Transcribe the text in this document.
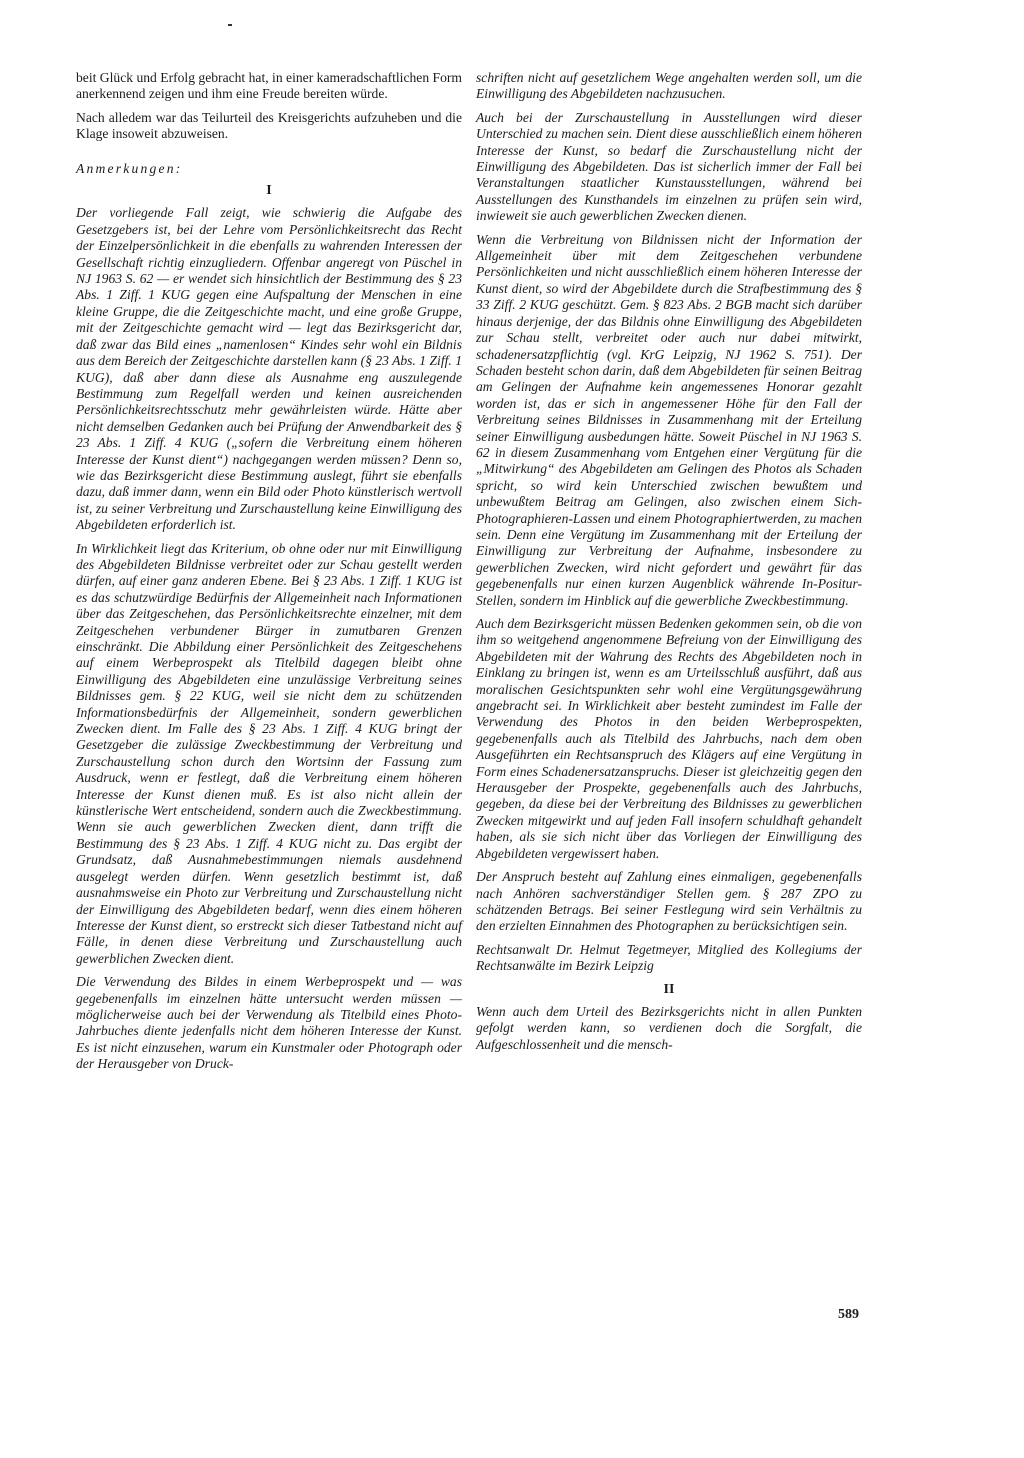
beit Glück und Erfolg gebracht hat, in einer kameradschaftlichen Form anerkennend zeigen und ihm eine Freude bereiten würde.

Nach alledem war das Teilurteil des Kreisgerichts aufzuheben und die Klage insoweit abzuweisen.

Anmerkungen:
I

Der vorliegende Fall zeigt, wie schwierig die Aufgabe des Gesetzgebers ist, bei der Lehre vom Persönlichkeitsrecht das Recht der Einzelpersönlichkeit in die ebenfalls zu wahrenden Interessen der Gesellschaft richtig einzugliedern. Offenbar angeregt von Püschel in NJ 1963 S. 62 — er wendet sich hinsichtlich der Bestimmung des § 23 Abs. 1 Ziff. 1 KUG gegen eine Aufspaltung der Menschen in eine kleine Gruppe, die die Zeitgeschichte macht, und eine große Gruppe, mit der Zeitgeschichte gemacht wird — legt das Bezirksgericht dar, daß zwar das Bild eines „namenlosen“ Kindes sehr wohl ein Bildnis aus dem Bereich der Zeitgeschichte darstellen kann (§ 23 Abs. 1 Ziff. 1 KUG), daß aber dann diese als Ausnahme eng auszulegende Bestimmung zum Regelfall werden und keinen ausreichenden Persönlichkeitsrechtsschutz mehr gewährleisten würde. Hätte aber nicht demselben Gedanken auch bei Prüfung der Anwendbarkeit des § 23 Abs. 1 Ziff. 4 KUG („sofern die Verbreitung einem höheren Interesse der Kunst dient“) nachgegangen werden müssen? Denn so, wie das Bezirksgericht diese Bestimmung auslegt, führt sie ebenfalls dazu, daß immer dann, wenn ein Bild oder Photo künstlerisch wertvoll ist, zu seiner Verbreitung und Zurschaustellung keine Einwilligung des Abgebildeten erforderlich ist.

In Wirklichkeit liegt das Kriterium, ob ohne oder nur mit Einwilligung des Abgebildeten Bildnisse verbreitet oder zur Schau gestellt werden dürfen, auf einer ganz anderen Ebene. Bei § 23 Abs. 1 Ziff. 1 KUG ist es das schutzwürdige Bedürfnis der Allgemeinheit nach Informationen über das Zeitgeschehen, das Persönlichkeitsrechte einzelner, mit dem Zeitgeschehen verbundener Bürger in zumutbaren Grenzen einschränkt. Die Abbildung einer Persönlichkeit des Zeitgeschehens auf einem Werbeprospekt als Titelbild dagegen bleibt ohne Einwilligung des Abgebildeten eine unzulässige Verbreitung seines Bildnisses gem. § 22 KUG, weil sie nicht dem zu schützenden Informationsbedürfnis der Allgemeinheit, sondern gewerblichen Zwecken dient. Im Falle des § 23 Abs. 1 Ziff. 4 KUG bringt der Gesetzgeber die zulässige Zweckbestimmung der Verbreitung und Zurschaustellung schon durch den Wortsinn der Fassung zum Ausdruck, wenn er festlegt, daß die Verbreitung einem höheren Interesse der Kunst dienen muß. Es ist also nicht allein der künstlerische Wert entscheidend, sondern auch die Zweckbestimmung. Wenn sie auch gewerblichen Zwecken dient, dann trifft die Bestimmung des § 23 Abs. 1 Ziff. 4 KUG nicht zu. Das ergibt der Grundsatz, daß Ausnahmebestimmungen niemals ausdehnend ausgelegt werden dürfen. Wenn gesetzlich bestimmt ist, daß ausnahmsweise ein Photo zur Verbreitung und Zurschaustellung nicht der Einwilligung des Abgebildeten bedarf, wenn dies einem höheren Interesse der Kunst dient, so erstreckt sich dieser Tatbestand nicht auf Fälle, in denen diese Verbreitung und Zurschaustellung auch gewerblichen Zwecken dient.

Die Verwendung des Bildes in einem Werbeprospekt und — was gegebenenfalls im einzelnen hätte untersucht werden müssen — möglicherweise auch bei der Verwendung als Titelbild eines Photo-Jahrbuches diente jedenfalls nicht dem höheren Interesse der Kunst. Es ist nicht einzusehen, warum ein Kunstmaler oder Photograph oder der Herausgeber von Druck-

schriften nicht auf gesetzlichem Wege angehalten werden soll, um die Einwilligung des Abgebildeten nachzusuchen.

Auch bei der Zurschaustellung in Ausstellungen wird dieser Unterschied zu machen sein. Dient diese ausschließlich einem höheren Interesse der Kunst, so bedarf die Zurschaustellung nicht der Einwilligung des Abgebildeten. Das ist sicherlich immer der Fall bei Veranstaltungen staatlicher Kunstausstellungen, während bei Ausstellungen des Kunsthandels im einzelnen zu prüfen sein wird, inwieweit sie auch gewerblichen Zwecken dienen.

Wenn die Verbreitung von Bildnissen nicht der Information der Allgemeinheit über mit dem Zeitgeschehen verbundene Persönlichkeiten und nicht ausschließlich einem höheren Interesse der Kunst dient, so wird der Abgebildete durch die Strafbestimmung des § 33 Ziff. 2 KUG geschützt. Gem. § 823 Abs. 2 BGB macht sich darüber hinaus derjenige, der das Bildnis ohne Einwilligung des Abgebildeten zur Schau stellt, verbreitet oder auch nur dabei mitwirkt, schadenersatzpflichtig (vgl. KrG Leipzig, NJ 1962 S. 751). Der Schaden besteht schon darin, daß dem Abgebildeten für seinen Beitrag am Gelingen der Aufnahme kein angemessenes Honorar gezahlt worden ist, das er sich in angemessener Höhe für den Fall der Verbreitung seines Bildnisses in Zusammenhang mit der Erteilung seiner Einwilligung ausbedungen hätte. Soweit Püschel in NJ 1963 S. 62 in diesem Zusammenhang vom Entgehen einer Vergütung für die „Mitwirkung“ des Abgebildeten am Gelingen des Photos als Schaden spricht, so wird kein Unterschied zwischen bewußtem und unbewußtem Beitrag am Gelingen, also zwischen einem Sich-Photographieren-Lassen und einem Photographiertwerden, zu machen sein. Denn eine Vergütung im Zusammenhang mit der Erteilung der Einwilligung zur Verbreitung der Aufnahme, insbesondere zu gewerblichen Zwecken, wird nicht gefordert und gewährt für das gegebenenfalls nur einen kurzen Augenblick währende In-Positur-Stellen, sondern im Hinblick auf die gewerbliche Zweckbestimmung.

Auch dem Bezirksgericht müssen Bedenken gekommen sein, ob die von ihm so weitgehend angenommene Befreiung von der Einwilligung des Abgebildeten mit der Wahrung des Rechts des Abgebildeten noch in Einklang zu bringen ist, wenn es am Urteilsschluß ausführt, daß aus moralischen Gesichtspunkten sehr wohl eine Vergütungsgewährung angebracht sei. In Wirklichkeit aber besteht zumindest im Falle der Verwendung des Photos in den beiden Werbeprospekten, gegebenenfalls auch als Titelbild des Jahrbuchs, nach dem oben Ausgeführten ein Rechtsanspruch des Klägers auf eine Vergütung in Form eines Schadenersatzanspruchs. Dieser ist gleichzeitig gegen den Herausgeber der Prospekte, gegebenenfalls auch des Jahrbuchs, gegeben, da diese bei der Verbreitung des Bildnisses zu gewerblichen Zwecken mitgewirkt und auf jeden Fall insofern schuldhaft gehandelt haben, als sie sich nicht über das Vorliegen der Einwilligung des Abgebildeten vergewissert haben.

Der Anspruch besteht auf Zahlung eines einmaligen, gegebenenfalls nach Anhören sachverständiger Stellen gem. § 287 ZPO zu schätzenden Betrags. Bei seiner Festlegung wird sein Verhältnis zu den erzielten Einnahmen des Photographen zu berücksichtigen sein.

Rechtsanwalt Dr. Helmut Tegetmeyer, Mitglied des Kollegiums der Rechtsanwälte im Bezirk Leipzig

II

Wenn auch dem Urteil des Bezirksgerichts nicht in allen Punkten gefolgt werden kann, so verdienen doch die Sorgfalt, die Aufgeschlossenheit und die mensch-

589
